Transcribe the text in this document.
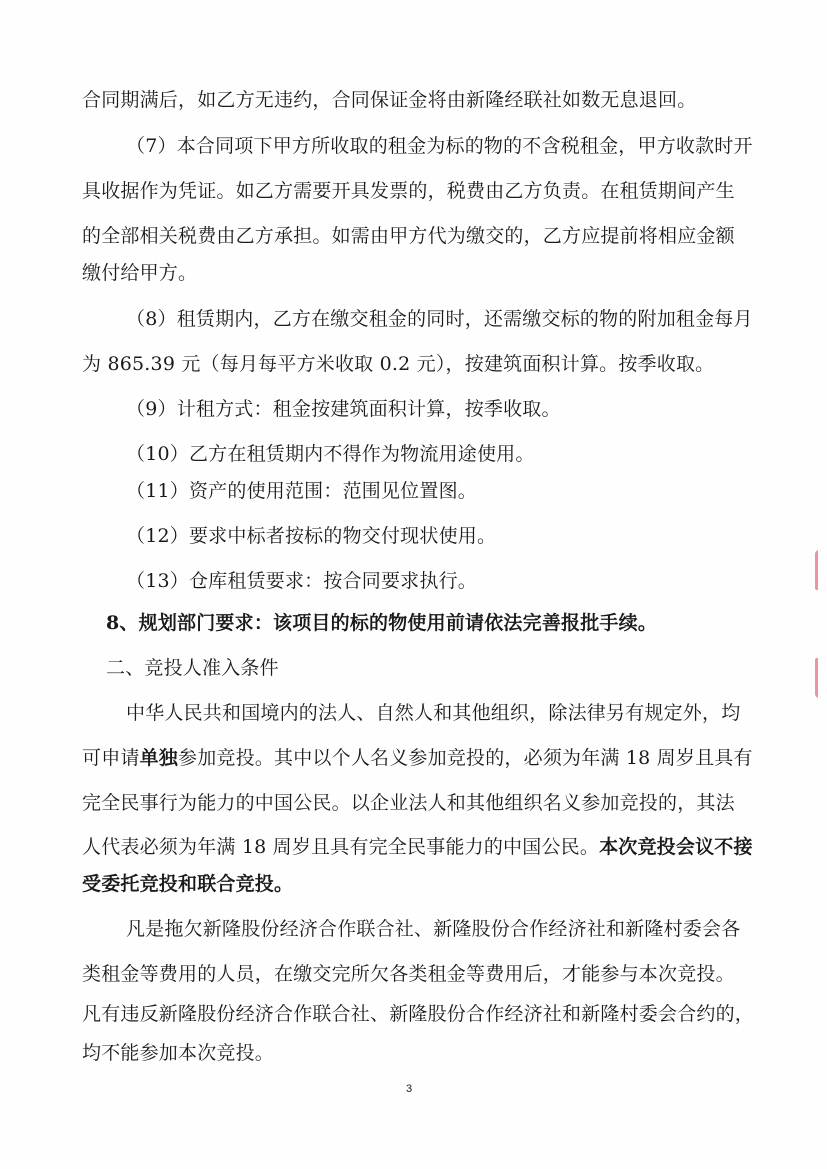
合同期满后，如乙方无违约，合同保证金将由新隆经联社如数无息退回。
（7）本合同项下甲方所收取的租金为标的物的不含税租金，甲方收款时开
具收据作为凭证。如乙方需要开具发票的，税费由乙方负责。在租赁期间产生
的全部相关税费由乙方承担。如需由甲方代为缴交的，乙方应提前将相应金额
缴付给甲方。
（8）租赁期内，乙方在缴交租金的同时，还需缴交标的物的附加租金每月
为 865.39 元（每月每平方米收取 0.2 元），按建筑面积计算。按季收取。
（9）计租方式：租金按建筑面积计算，按季收取。
（10）乙方在租赁期内不得作为物流用途使用。
（11）资产的使用范围：范围见位置图。
（12）要求中标者按标的物交付现状使用。
（13）仓库租赁要求：按合同要求执行。
8、规划部门要求：该项目的标的物使用前请依法完善报批手续。
二、竞投人准入条件
中华人民共和国境内的法人、自然人和其他组织，除法律另有规定外，均
可申请单独参加竞投。其中以个人名义参加竞投的，必须为年满 18 周岁且具有
完全民事行为能力的中国公民。以企业法人和其他组织名义参加竞投的，其法
人代表必须为年满 18 周岁且具有完全民事能力的中国公民。本次竞投会议不接
受委托竞投和联合竞投。
凡是拖欠新隆股份经济合作联合社、新隆股份合作经济社和新隆村委会各
类租金等费用的人员，在缴交完所欠各类租金等费用后，才能参与本次竞投。
凡有违反新隆股份经济合作联合社、新隆股份合作经济社和新隆村委会合约的，
均不能参加本次竞投。
3
